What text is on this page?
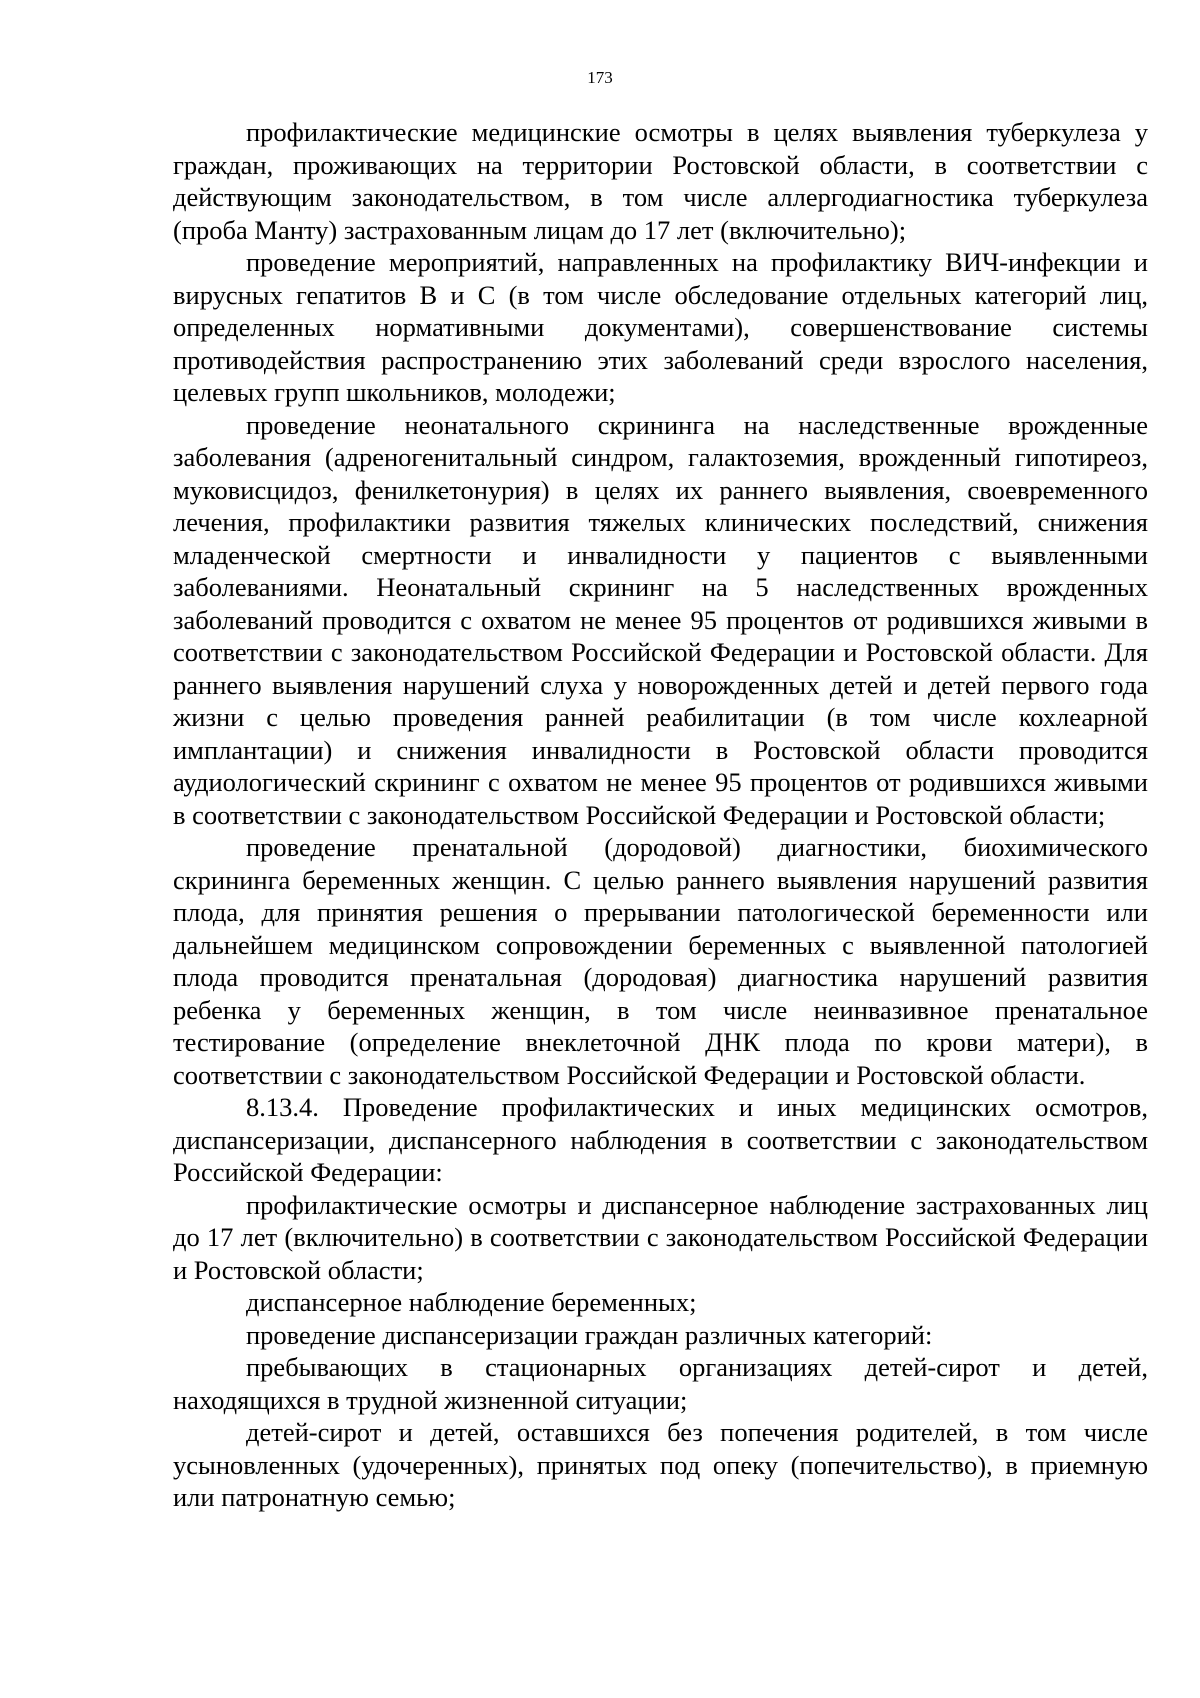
173

профилактические медицинские осмотры в целях выявления туберкулеза у граждан, проживающих на территории Ростовской области, в соответствии с действующим законодательством, в том числе аллергодиагностика туберкулеза (проба Манту) застрахованным лицам до 17 лет (включительно);

проведение мероприятий, направленных на профилактику ВИЧ-инфекции и вирусных гепатитов В и С (в том числе обследование отдельных категорий лиц, определенных нормативными документами), совершенствование системы противодействия распространению этих заболеваний среди взрослого населения, целевых групп школьников, молодежи;

проведение неонатального скрининга на наследственные врожденные заболевания (адреногенитальный синдром, галактоземия, врожденный гипотиреоз, муковисцидоз, фенилкетонурия) в целях их раннего выявления, своевременного лечения, профилактики развития тяжелых клинических последствий, снижения младенческой смертности и инвалидности у пациентов с выявленными заболеваниями. Неонатальный скрининг на 5 наследственных врожденных заболеваний проводится с охватом не менее 95 процентов от родившихся живыми в соответствии с законодательством Российской Федерации и Ростовской области. Для раннего выявления нарушений слуха у новорожденных детей и детей первого года жизни с целью проведения ранней реабилитации (в том числе кохлеарной имплантации) и снижения инвалидности в Ростовской области проводится аудиологический скрининг с охватом не менее 95 процентов от родившихся живыми в соответствии с законодательством Российской Федерации и Ростовской области;

проведение пренатальной (дородовой) диагностики, биохимического скрининга беременных женщин. С целью раннего выявления нарушений развития плода, для принятия решения о прерывании патологической беременности или дальнейшем медицинском сопровождении беременных с выявленной патологией плода проводится пренатальная (дородовая) диагностика нарушений развития ребенка у беременных женщин, в том числе неинвазивное пренатальное тестирование (определение внеклеточной ДНК плода по крови матери), в соответствии с законодательством Российской Федерации и Ростовской области.

8.13.4. Проведение профилактических и иных медицинских осмотров, диспансеризации, диспансерного наблюдения в соответствии с законодательством Российской Федерации:

профилактические осмотры и диспансерное наблюдение застрахованных лиц до 17 лет (включительно) в соответствии с законодательством Российской Федерации и Ростовской области;

диспансерное наблюдение беременных;

проведение диспансеризации граждан различных категорий:

пребывающих в стационарных организациях детей-сирот и детей, находящихся в трудной жизненной ситуации;

детей-сирот и детей, оставшихся без попечения родителей, в том числе усыновленных (удочеренных), принятых под опеку (попечительство), в приемную или патронатную семью;
